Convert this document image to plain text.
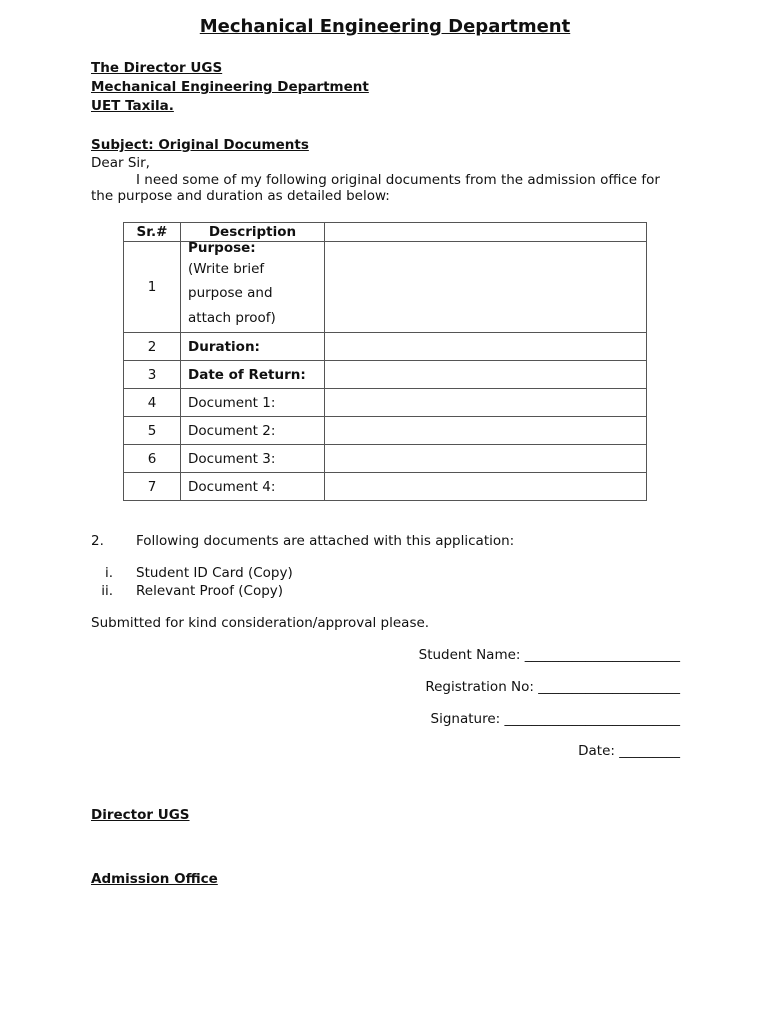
Mechanical Engineering Department
The Director UGS
Mechanical Engineering Department
UET Taxila.
Subject: Original Documents
Dear Sir,
I need some of my following original documents from the admission office for
the purpose and duration as detailed below:
Sr.#	Description	
1	Purpose:
(Write brief
purpose and
attach proof)	

2	Duration:	
3	Date of Return:	
4	Document 1:	
5	Document 2:	
6	Document 3:	
7	Document 4:	
2. Following documents are attached with this application:
i. Student ID Card (Copy)
ii. Relevant Proof (Copy)
Submitted for kind consideration/approval please.
Student Name: _______________________
Registration No: _____________________
Signature: __________________________
Date: _________
Director UGS
Admission Office
